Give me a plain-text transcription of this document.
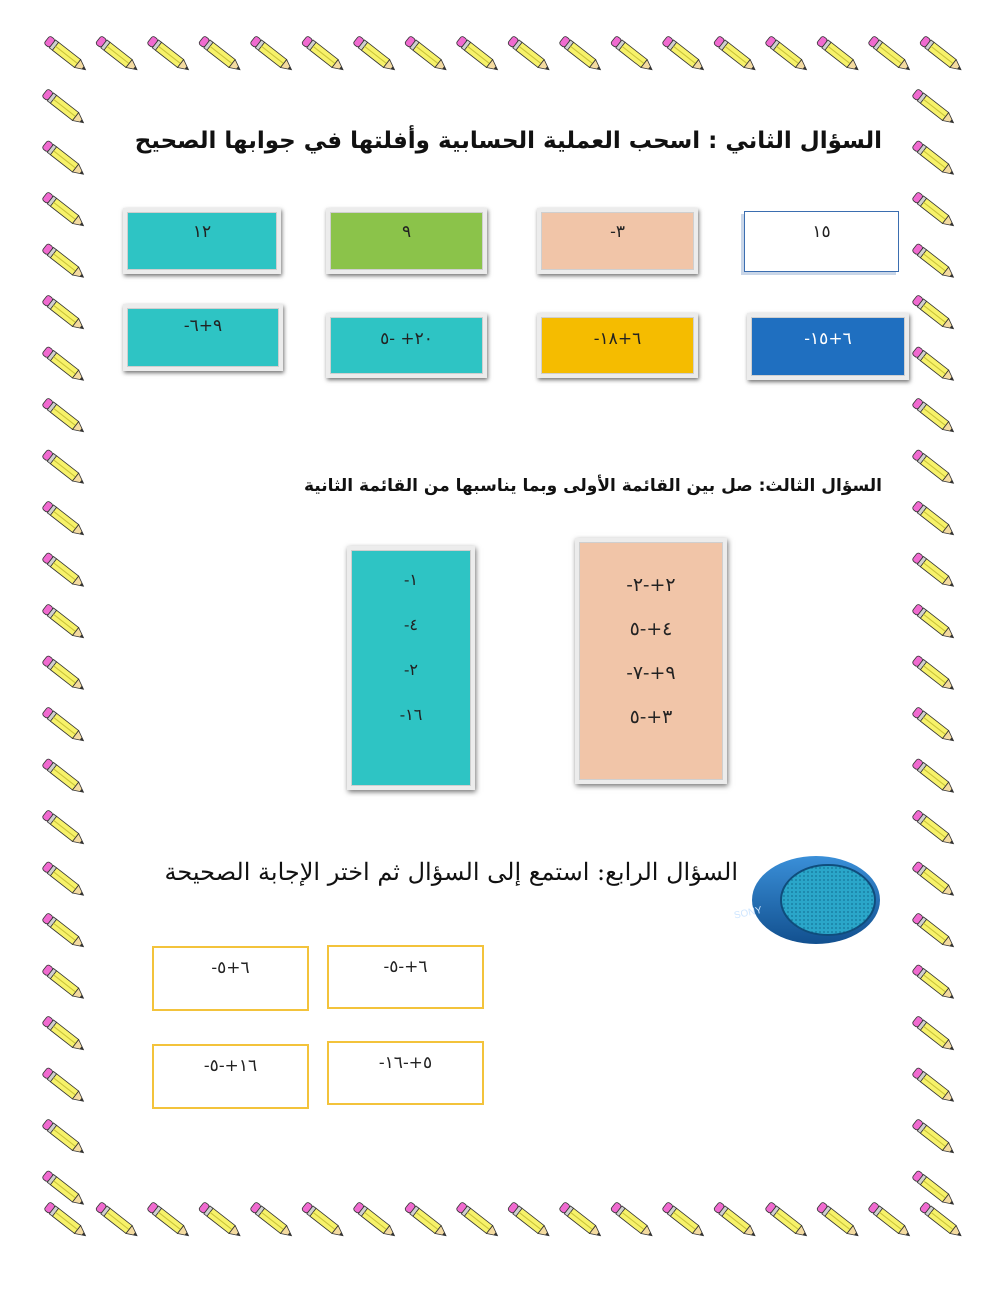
السؤال الثاني : اسحب العملية الحسابية وأفلتها في جوابها الصحيح
١٢	٩	-٣	١٥
-٩+٦
٢٠+ -٥	-٦+١٨	-٦+١٥
السؤال الثالث: صل بين القائمة الأولى وبما يناسبها من القائمة الثانية
-١
-٤
-٢
-١٦
-٢+-٢
٤+-٥
-٩+-٧
٣+-٥
SONY
السؤال الرابع: استمع إلى السؤال ثم اختر الإجابة الصحيحة
-٦+٥	-٦+-٥
-١٦+-٥	-٥+-١٦
